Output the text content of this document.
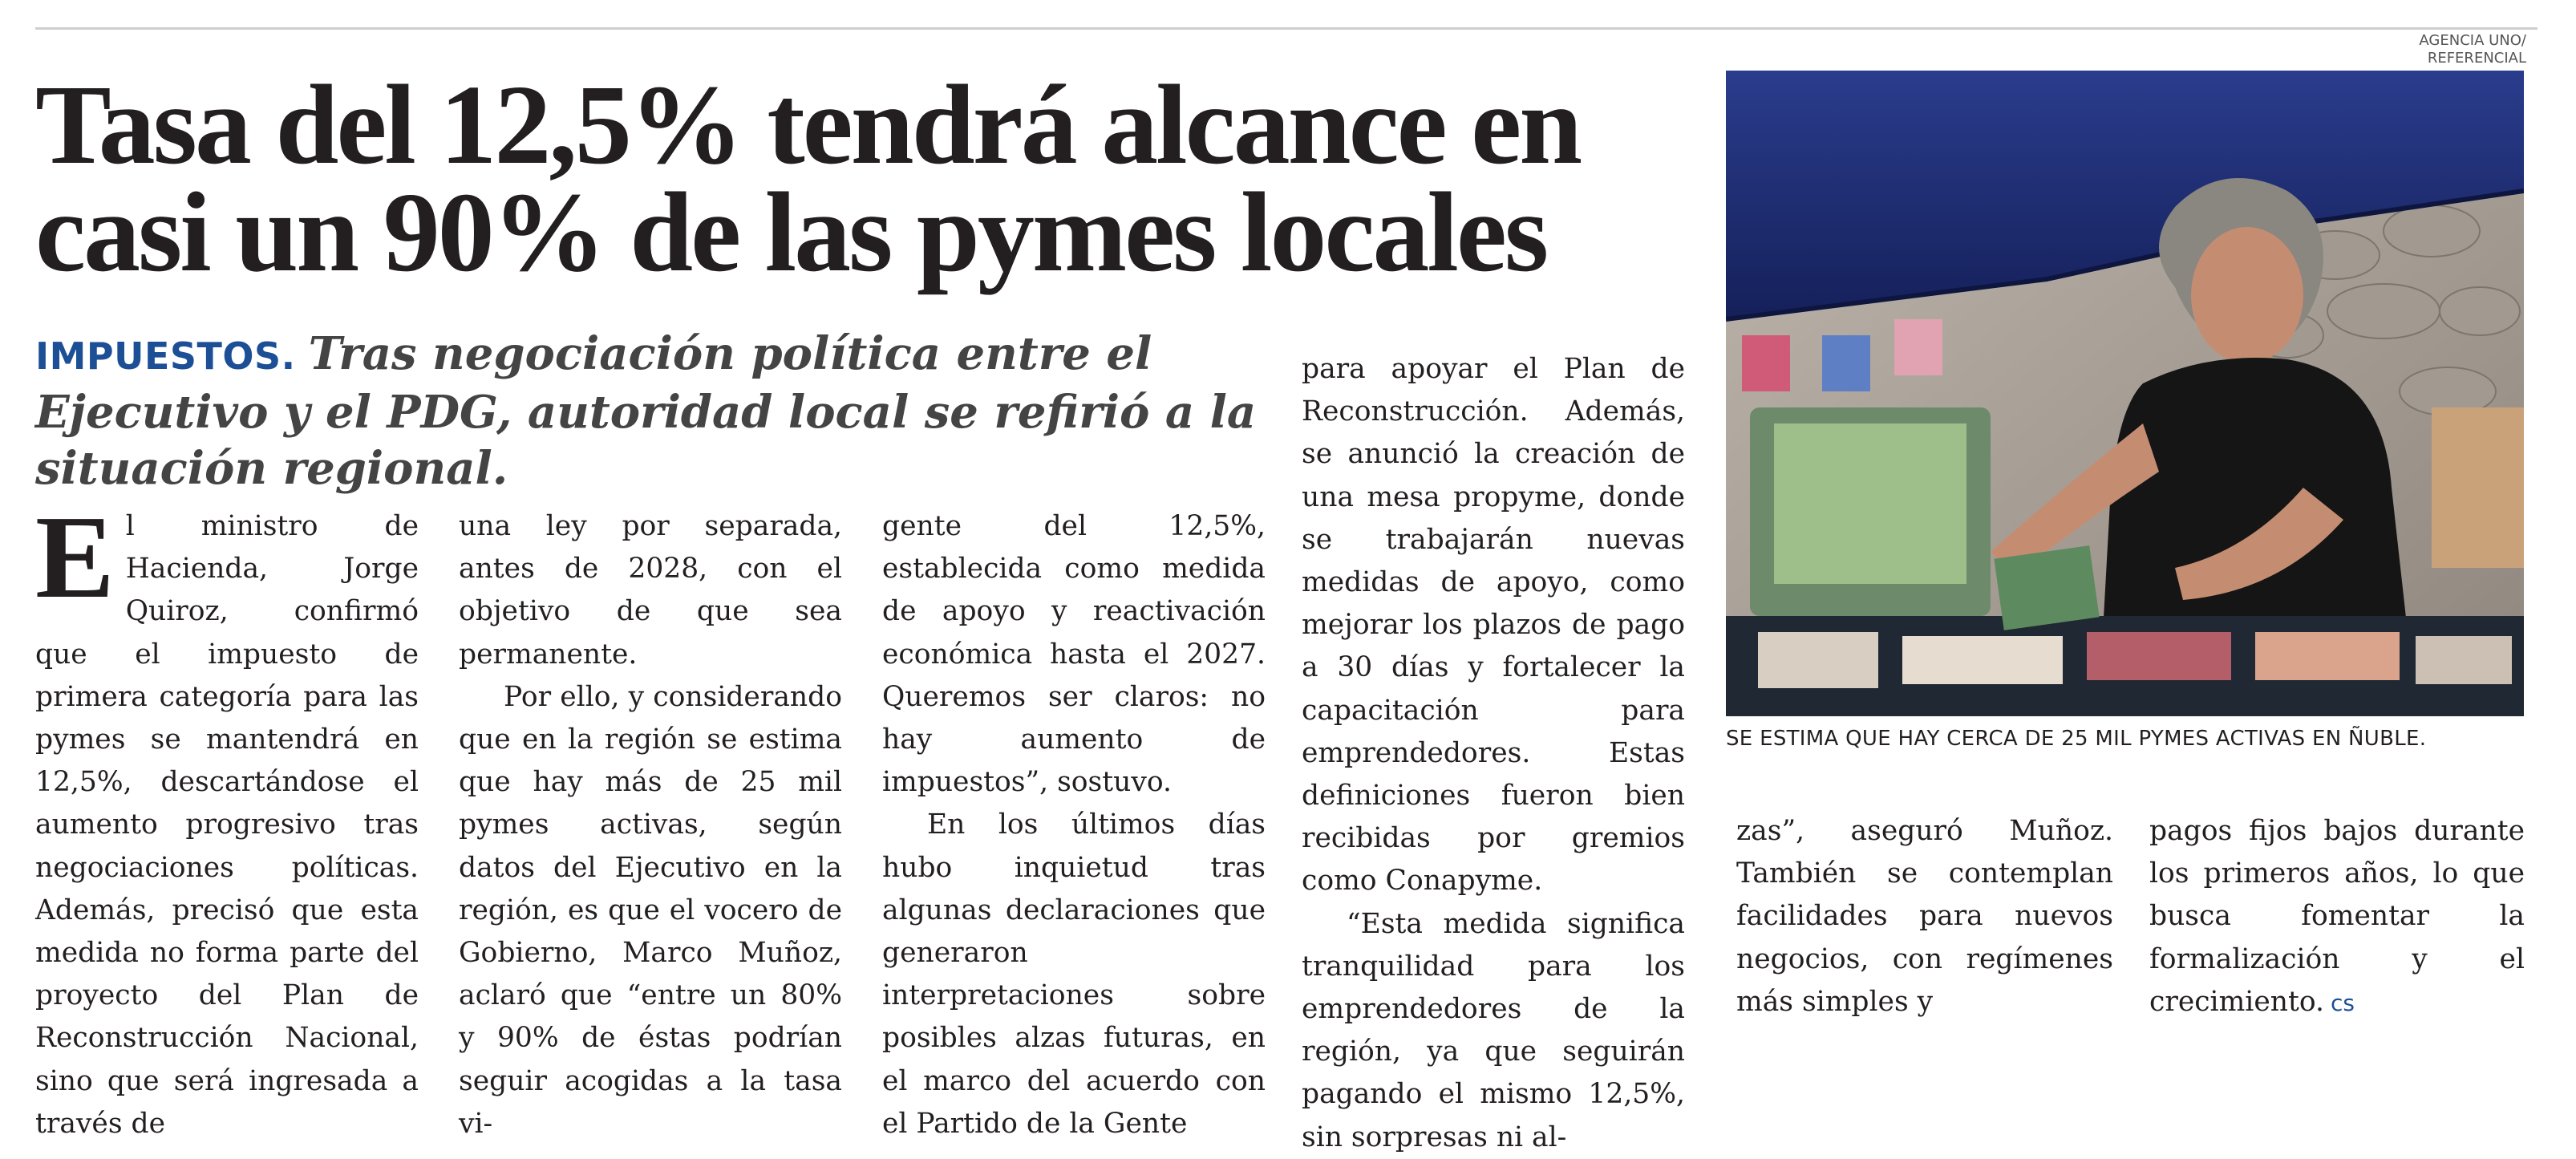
Tasa del 12,5% tendrá alcance en casi un 90% de las pymes locales
IMPUESTOS. Tras negociación política entre el Ejecutivo y el PDG, autoridad local se refirió a la situación regional.

El ministro de Hacienda, Jorge Quiroz, confirmó que el impuesto de primera categoría para las pymes se mantendrá en 12,5%, descartándose el aumento progresivo tras negociaciones políticas. Además, precisó que esta medida no forma parte del proyecto del Plan de Reconstrucción Nacional, sino que será ingresada a través de

una ley por separada, antes de 2028, con el objetivo de que sea permanente.

Por ello, y considerando que en la región se estima que hay más de 25 mil pymes activas, según datos del Ejecutivo en la región, es que el vocero de Gobierno, Marco Muñoz, aclaró que “entre un 80% y 90% de éstas podrían seguir acogidas a la tasa vi-

gente del 12,5%, establecida como medida de apoyo y reactivación económica hasta el 2027. Queremos ser claros: no hay aumento de impuestos”, sostuvo.

En los últimos días hubo inquietud tras algunas declaraciones que generaron interpretaciones sobre posibles alzas futuras, en el marco del acuerdo con el Partido de la Gente

para apoyar el Plan de Reconstrucción. Además, se anunció la creación de una mesa propyme, donde se trabajarán nuevas medidas de apoyo, como mejorar los plazos de pago a 30 días y fortalecer la capacitación para emprendedores. Estas definiciones fueron bien recibidas por gremios como Conapyme.

“Esta medida significa tranquilidad para los emprendedores de la región, ya que seguirán pagando el mismo 12,5%, sin sorpresas ni al-

zas”, aseguró Muñoz. También se contemplan facilidades para nuevos negocios, con regímenes más simples y

pagos fijos bajos durante los primeros años, lo que busca fomentar la formalización y el crecimiento. cs

AGENCIA UNO/ REFERENCIAL
SE ESTIMA QUE HAY CERCA DE 25 MIL PYMES ACTIVAS EN ÑUBLE.
